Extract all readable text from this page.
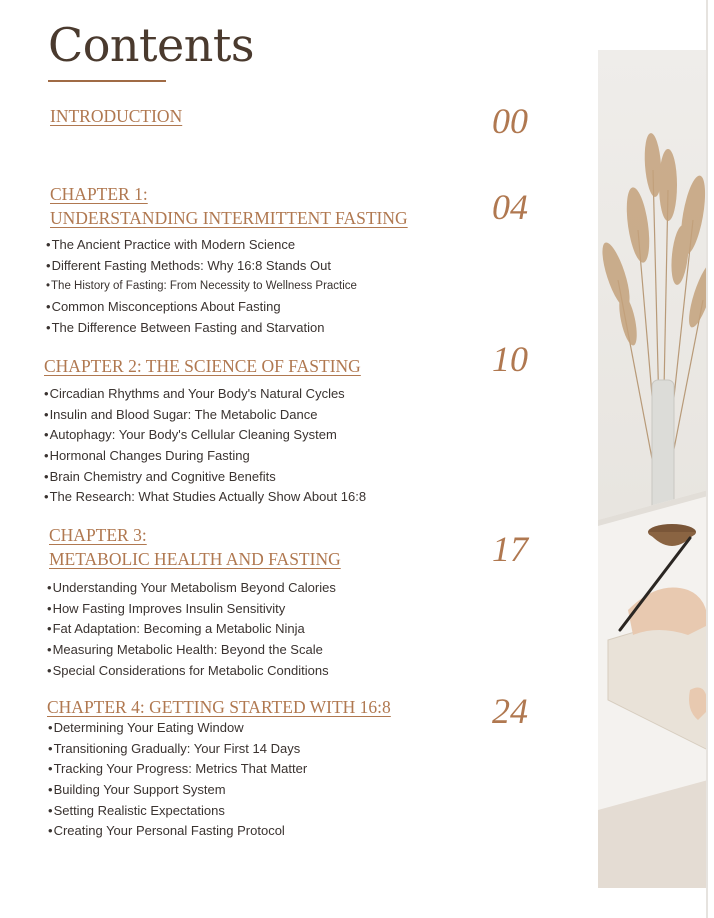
Contents
INTRODUCTION	00
CHAPTER 1:
UNDERSTANDING INTERMITTENT FASTING 04
• The Ancient Practice with Modern Science
• Different Fasting Methods: Why 16:8 Stands Out
• The History of Fasting: From Necessity to Wellness Practice
• Common Misconceptions About Fasting
• The Difference Between Fasting and Starvation
CHAPTER 2: THE SCIENCE OF FASTING	10
• Circadian Rhythms and Your Body's Natural Cycles
• Insulin and Blood Sugar: The Metabolic Dance
• Autophagy: Your Body's Cellular Cleaning System
• Hormonal Changes During Fasting
• Brain Chemistry and Cognitive Benefits
• The Research: What Studies Actually Show About 16:8
CHAPTER 3:
METABOLIC HEALTH AND FASTING	17
• Understanding Your Metabolism Beyond Calories
• How Fasting Improves Insulin Sensitivity
• Fat Adaptation: Becoming a Metabolic Ninja
• Measuring Metabolic Health: Beyond the Scale
• Special Considerations for Metabolic Conditions
CHAPTER 4: GETTING STARTED WITH 16:8	24
• Determining Your Eating Window
• Transitioning Gradually: Your First 14 Days
• Tracking Your Progress: Metrics That Matter
• Building Your Support System
• Setting Realistic Expectations
• Creating Your Personal Fasting Protocol
